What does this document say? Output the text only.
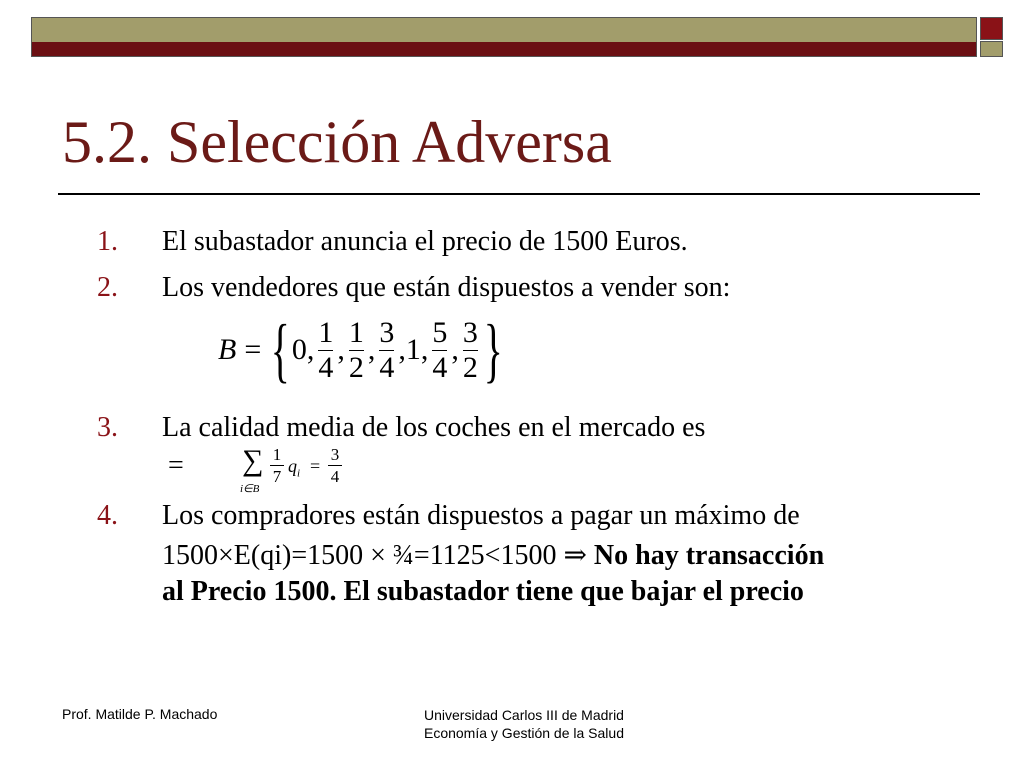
5.2. Selección Adversa
1. El subastador anuncia el precio de 1500 Euros.
2. Los vendedores que están dispuestos a vender son:
B = { 0, $\frac{1}{4}$ , $\frac{1}{2}$ , $\frac{3}{4} ,1$, $\frac{5}{4}$ , $\frac{3}{2}$ }
3. La calidad media de los coches en el mercado es
= ∑
i∈B
1
7
$q_i$ =
3
4
4. Los compradores están dispuestos a pagar un máximo de
1500×E(qi)=1500 × ¾=1125<1500 ⇒ No hay transacción
al Precio 1500. El subastador tiene que bajar el precio
Prof. Matilde P. Machado	Universidad Carlos III de Madrid
Economía y Gestión de la Salud
